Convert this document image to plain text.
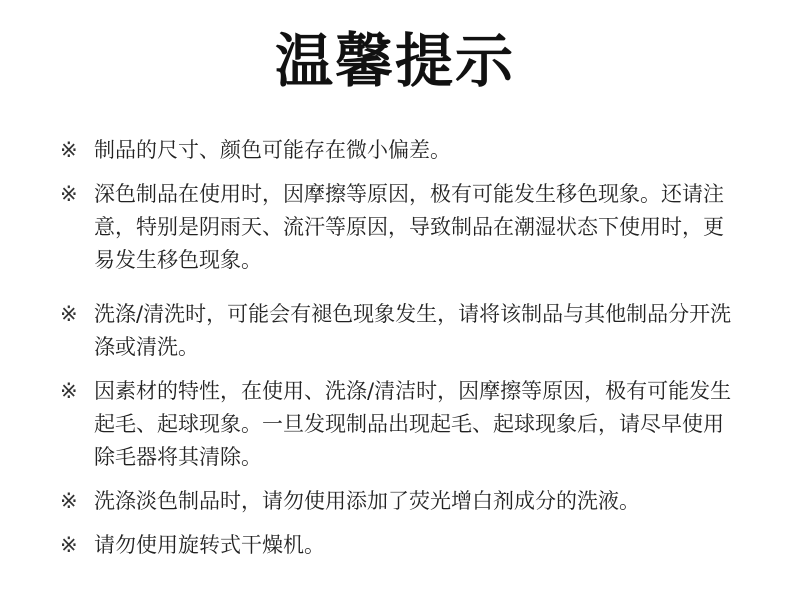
温馨提示
※ 制品的尺寸、颜色可能存在微小偏差。
※ 深色制品在使用时，因摩擦等原因，极有可能发生移色现象。还请注意，特别是阴雨天、流汗等原因，导致制品在潮湿状态下使用时，更易发生移色现象。
※ 洗涤/清洗时，可能会有褪色现象发生，请将该制品与其他制品分开洗涤或清洗。
※ 因素材的特性，在使用、洗涤/清洁时，因摩擦等原因，极有可能发生起毛、起球现象。一旦发现制品出现起毛、起球现象后，请尽早使用除毛器将其清除。
※ 洗涤淡色制品时，请勿使用添加了荧光增白剂成分的洗液。
※ 请勿使用旋转式干燥机。
